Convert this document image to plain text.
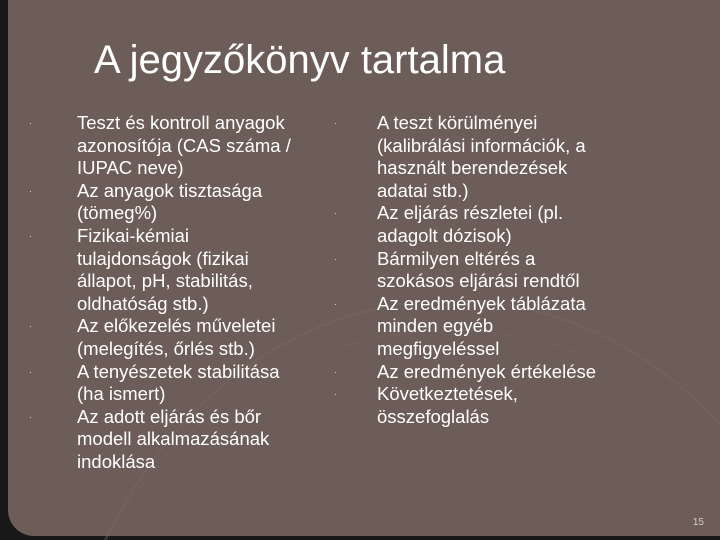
A jegyzőkönyv tartalma
· Teszt és kontroll anyagok azonosítója (CAS száma / IUPAC neve)
· Az anyagok tisztasága (tömeg%)
· Fizikai-kémiai tulajdonságok (fizikai állapot, pH, stabilitás, oldhatóság stb.)
· Az előkezelés műveletei (melegítés, őrlés stb.)
· A tenyészetek stabilitása (ha ismert)
· Az adott eljárás és bőr modell alkalmazásának indoklása
· A teszt körülményei (kalibrálási információk, a használt berendezések adatai stb.)
· Az eljárás részletei (pl. adagolt dózisok)
· Bármilyen eltérés a szokásos eljárási rendtől
· Az eredmények táblázata minden egyéb megfigyeléssel
· Az eredmények értékelése
· Következtetések, összefoglalás
15
